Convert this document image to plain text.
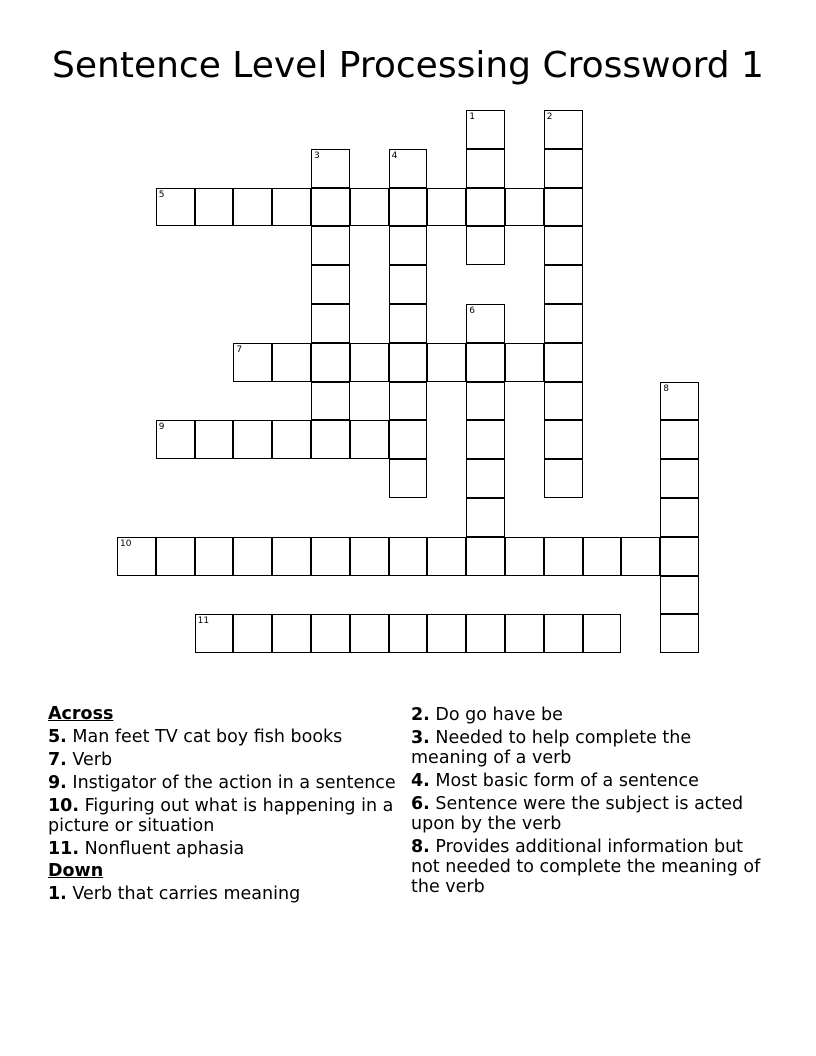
Sentence Level Processing Crossword 1
1	2
3	4
5
6
7
8
9
10
11
Across
5. Man feet TV cat boy fish books
7. Verb
9. Instigator of the action in a sentence
10. Figuring out what is happening in a picture or situation
11. Nonfluent aphasia
Down
1. Verb that carries meaning
2. Do go have be
3. Needed to help complete the meaning of a verb
4. Most basic form of a sentence
6. Sentence were the subject is acted upon by the verb
8. Provides additional information but not needed to complete the meaning of the verb
